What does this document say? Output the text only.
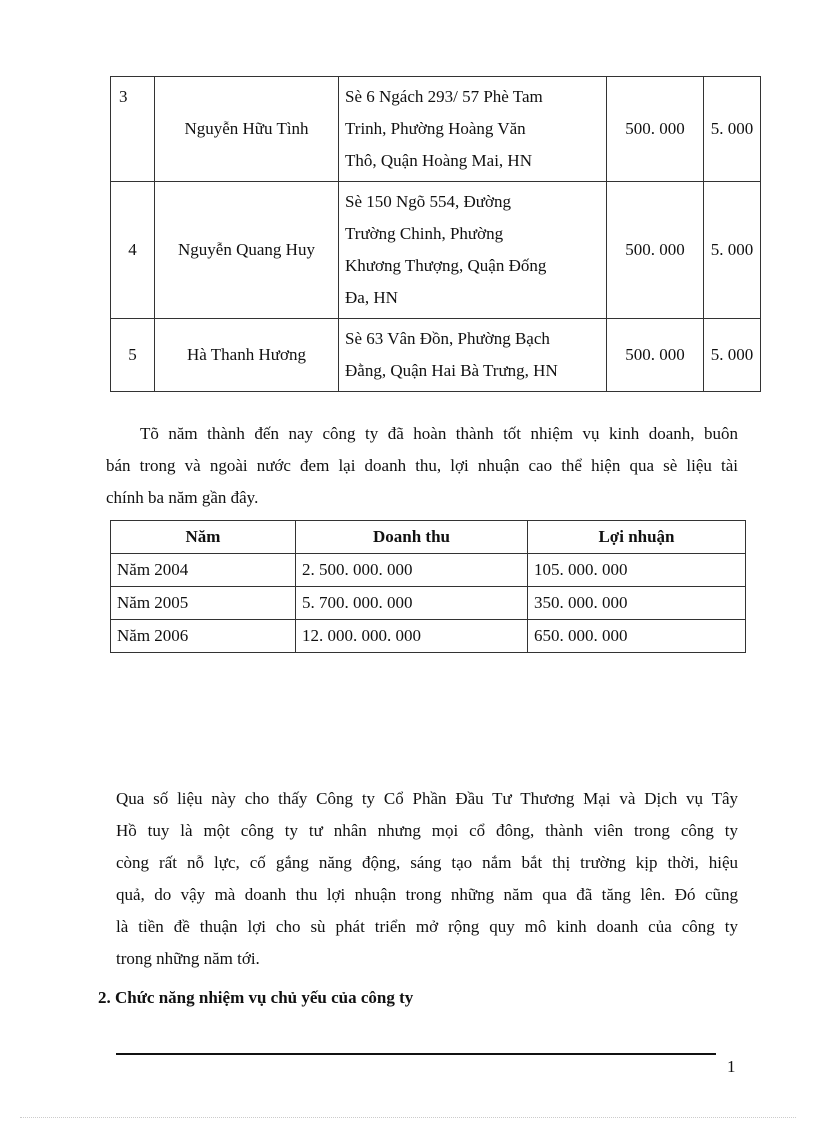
3	Nguyễn Hữu Tình	Sè 6 Ngách 293/ 57 Phè Tam
Trinh, Phường Hoàng Văn
Thô, Quận Hoàng Mai, HN	500. 000	5. 000
4	Nguyễn Quang Huy	Sè 150 Ngõ 554, Đường
Trường Chinh, Phường
Khương Thượng, Quận Đống
Đa, HN	500. 000	5. 000
5	Hà Thanh Hương	Sè 63 Vân Đồn, Phường Bạch
Đằng, Quận Hai Bà Trưng, HN	500. 000	5. 000
Tõ năm thành đến nay công ty đã hoàn thành tốt nhiệm vụ kinh doanh, buôn
bán trong và ngoài nước đem lại doanh thu, lợi nhuận cao thể hiện qua sè liệu tài
chính ba năm gần đây.
Năm	Doanh thu	Lợi nhuận
Năm 2004	2. 500. 000. 000	105. 000. 000
Năm 2005	5. 700. 000. 000	350. 000. 000
Năm 2006	12. 000. 000. 000	650. 000. 000
Qua số liệu này cho thấy Công ty Cổ Phần Đầu Tư Thương Mại và Dịch vụ Tây
Hồ tuy là một công ty tư nhân nhưng mọi cổ đông, thành viên trong công ty
còng rất nỗ lực, cố gắng năng động, sáng tạo nắm bắt thị trường kịp thời, hiệu
quả, do vậy mà doanh thu lợi nhuận trong những năm qua đã tăng lên. Đó cũng
là tiền đề thuận lợi cho sù phát triển mở rộng quy mô kinh doanh của công ty
trong những năm tới.
2. Chức năng nhiệm vụ chủ yếu của công ty
1
